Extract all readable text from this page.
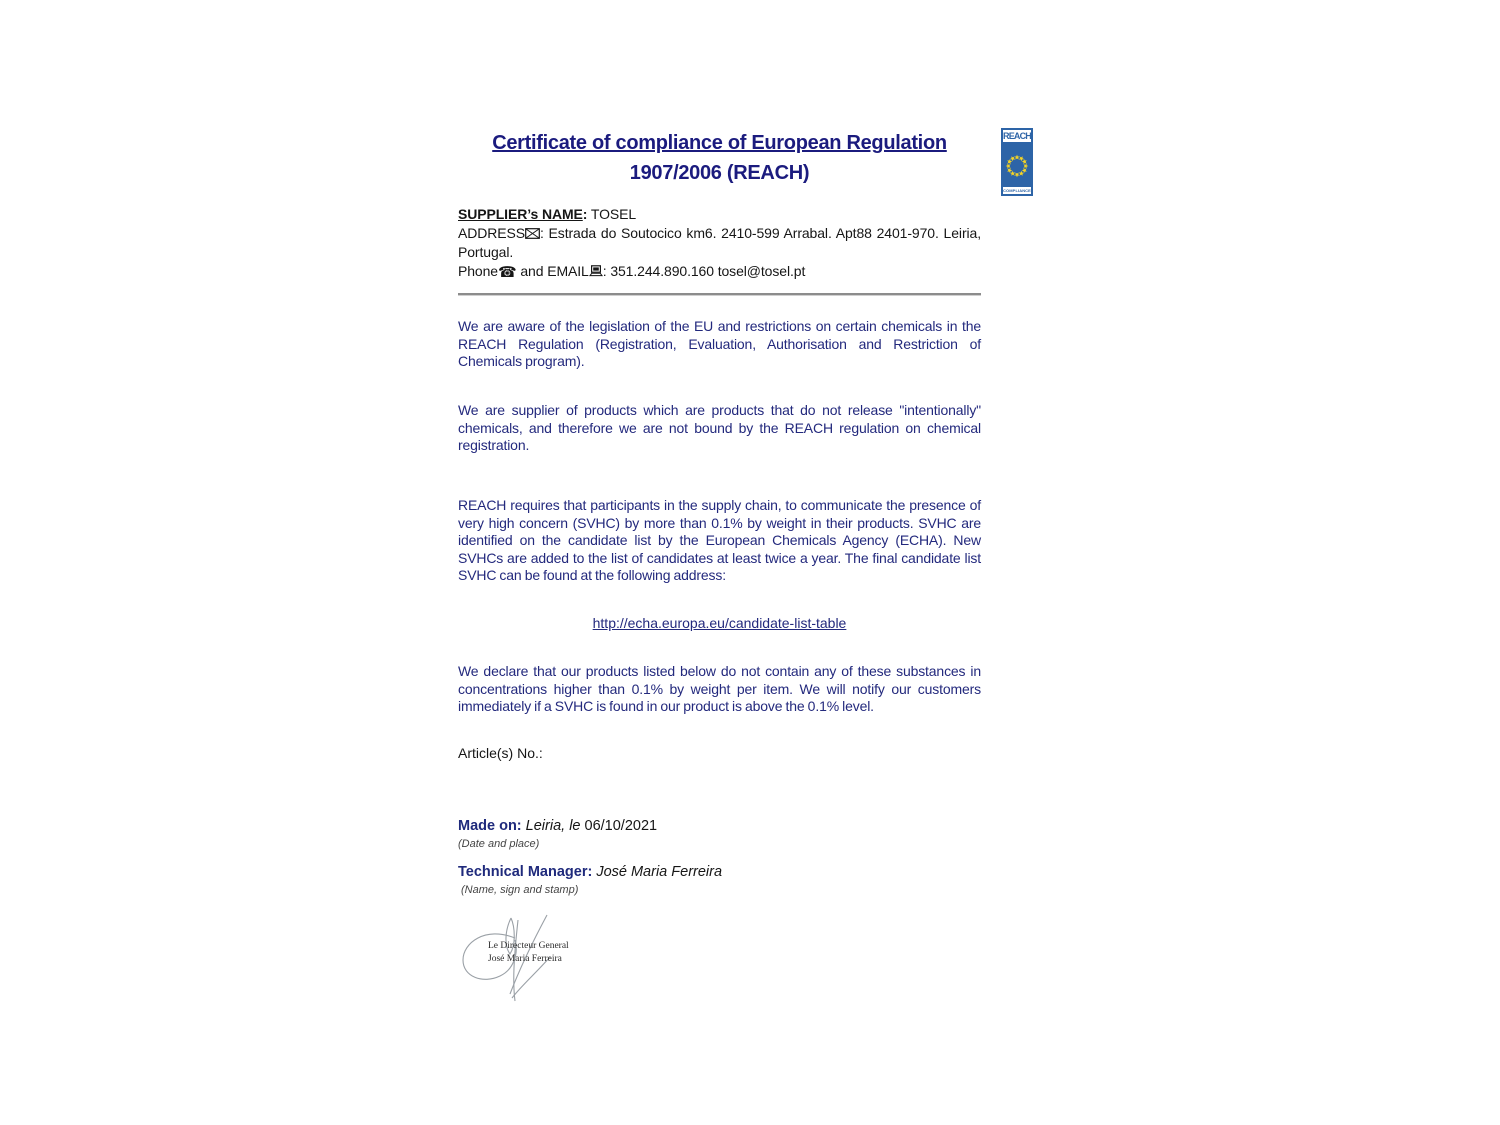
Certificate of compliance of European Regulation
1907/2006 (REACH)
REACH
COMPLIANCE

SUPPLIER’s NAME: TOSEL

ADDRESS : Estrada do Soutocico km6. 2410-599 Arrabal. Apt88 2401-970. Leiria, Portugal.

Phone☎ and EMAIL : 351.244.890.160 tosel@tosel.pt

We are aware of the legislation of the EU and restrictions on certain chemicals in the REACH Regulation (Registration, Evaluation, Authorisation and Restriction of Chemicals program).

We are supplier of products which are products that do not release "intentionally" chemicals, and therefore we are not bound by the REACH regulation on chemical registration.

REACH requires that participants in the supply chain, to communicate the presence of very high concern (SVHC) by more than 0.1% by weight in their products. SVHC are identified on the candidate list by the European Chemicals Agency (ECHA). New SVHCs are added to the list of candidates at least twice a year. The final candidate list SVHC can be found at the following address:

http://echa.europa.eu/candidate-list-table

We declare that our products listed below do not contain any of these substances in concentrations higher than 0.1% by weight per item. We will notify our customers immediately if a SVHC is found in our product is above the 0.1% level.

Article(s) No.:
Made on: Leiria, le 06/10/2021
(Date and place)
Technical Manager: José Maria Ferreira
(Name, sign and stamp)
Le Directeur General
José Maria Ferreira
